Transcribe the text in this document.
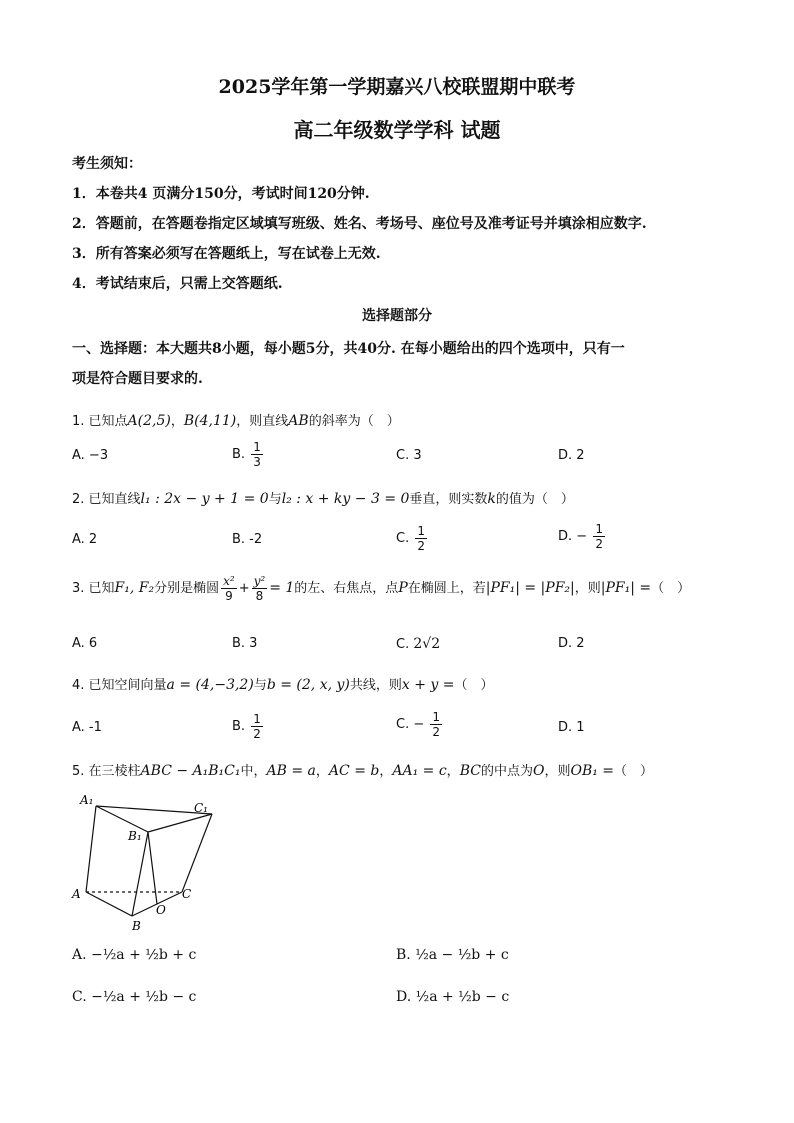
2025学年第一学期嘉兴八校联盟期中联考
高二年级数学学科 试题
考生须知：
1．本卷共4 页满分150分，考试时间120分钟.
2．答题前，在答题卷指定区域填写班级、姓名、考场号、座位号及准考证号并填涂相应数字.
3．所有答案必须写在答题纸上，写在试卷上无效.
4．考试结束后，只需上交答题纸.
选择题部分
一、选择题：本大题共8小题，每小题5分，共40分. 在每小题给出的四个选项中，只有一
项是符合题目要求的.
1. 已知点A(2,5)，B(4,11)，则直线AB的斜率为（　）
A. −3	B. $\frac{1}{3}$	C. 3	D. 2
2. 已知直线l₁ : 2x − y + 1 = 0与l₂ : x + ky − 3 = 0垂直，则实数k的值为（　）
A. 2	B. -2	C. $\frac{1}{2}$	D. − $\frac{1}{2}$
3. 已知F₁, F₂分别是椭圆 $\frac{\text{x²}}{9} + \frac{\text{y²}}{8} = 1$的左、右焦点，点P在椭圆上，若|PF₁| = |PF₂|，则|PF₁| =（　）
A. 6	B. 3	C. 2√2	D. 2
4. 已知空间向量a = (4,−3,2)与b = (2, x, y)共线，则x + y =（　）
A. -1	B. $\frac{1}{2}$	C. − $\frac{1}{2}$	D. 1
5. 在三棱柱ABC − A₁B₁C₁中，AB = a，AC = b，AA₁ = c，BC的中点为O，则OB₁ =（　）
A₁
C₁
B₁
A	C
O
B
A. −½a + ½b + c	B. ½a − ½b + c
C. −½a + ½b − c	D. ½a + ½b − c
